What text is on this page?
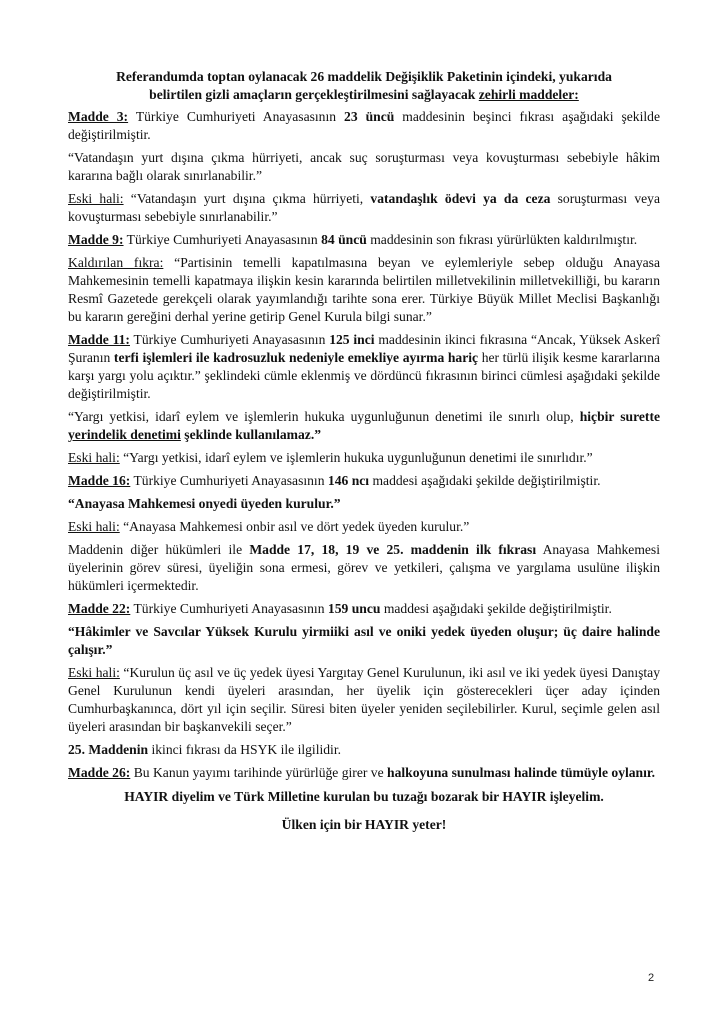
Referandumda toptan oylanacak 26 maddelik Değişiklik Paketinin içindeki, yukarıda
belirtilen gizli amaçların gerçekleştirilmesini sağlayacak zehirli maddeler:

Madde 3: Türkiye Cumhuriyeti Anayasasının 23 üncü maddesinin beşinci fıkrası aşağıdaki şekilde değiştirilmiştir.

“Vatandaşın yurt dışına çıkma hürriyeti, ancak suç soruşturması veya kovuşturması sebebiyle hâkim kararına bağlı olarak sınırlanabilir.”

Eski hali: “Vatandaşın yurt dışına çıkma hürriyeti, vatandaşlık ödevi ya da ceza soruşturması veya kovuşturması sebebiyle sınırlanabilir.”

Madde 9: Türkiye Cumhuriyeti Anayasasının 84 üncü maddesinin son fıkrası yürürlükten kaldırılmıştır.

Kaldırılan fıkra: “Partisinin temelli kapatılmasına beyan ve eylemleriyle sebep olduğu Anayasa Mahkemesinin temelli kapatmaya ilişkin kesin kararında belirtilen milletvekilinin milletvekilliği, bu kararın Resmî Gazetede gerekçeli olarak yayımlandığı tarihte sona erer. Türkiye Büyük Millet Meclisi Başkanlığı bu kararın gereğini derhal yerine getirip Genel Kurula bilgi sunar.”

Madde 11: Türkiye Cumhuriyeti Anayasasının 125 inci maddesinin ikinci fıkrasına “Ancak, Yüksek Askerî Şuranın terfi işlemleri ile kadrosuzluk nedeniyle emekliye ayırma hariç her türlü ilişik kesme kararlarına karşı yargı yolu açıktır.” şeklindeki cümle eklenmiş ve dördüncü fıkrasının birinci cümlesi aşağıdaki şekilde değiştirilmiştir.

“Yargı yetkisi, idarî eylem ve işlemlerin hukuka uygunluğunun denetimi ile sınırlı olup, hiçbir surette yerindelik denetimi şeklinde kullanılamaz.”

Eski hali: “Yargı yetkisi, idarî eylem ve işlemlerin hukuka uygunluğunun denetimi ile sınırlıdır.”

Madde 16: Türkiye Cumhuriyeti Anayasasının 146 ncı maddesi aşağıdaki şekilde değiştirilmiştir.

“Anayasa Mahkemesi onyedi üyeden kurulur.”

Eski hali: “Anayasa Mahkemesi onbir asıl ve dört yedek üyeden kurulur.”

Maddenin diğer hükümleri ile Madde 17, 18, 19 ve 25. maddenin ilk fıkrası Anayasa Mahkemesi üyelerinin görev süresi, üyeliğin sona ermesi, görev ve yetkileri, çalışma ve yargılama usulüne ilişkin hükümleri içermektedir.

Madde 22: Türkiye Cumhuriyeti Anayasasının 159 uncu maddesi aşağıdaki şekilde değiştirilmiştir.

“Hâkimler ve Savcılar Yüksek Kurulu yirmiiki asıl ve oniki yedek üyeden oluşur; üç daire halinde çalışır.”

Eski hali: “Kurulun üç asıl ve üç yedek üyesi Yargıtay Genel Kurulunun, iki asıl ve iki yedek üyesi Danıştay Genel Kurulunun kendi üyeleri arasından, her üyelik için gösterecekleri üçer aday içinden Cumhurbaşkanınca, dört yıl için seçilir. Süresi biten üyeler yeniden seçilebilirler. Kurul, seçimle gelen asıl üyeleri arasından bir başkanvekili seçer.”

25. Maddenin ikinci fıkrası da HSYK ile ilgilidir.

Madde 26: Bu Kanun yayımı tarihinde yürürlüğe girer ve halkoyuna sunulması halinde tümüyle oylanır.

HAYIR diyelim ve Türk Milletine kurulan bu tuzağı bozarak bir HAYIR işleyelim.

Ülken için bir HAYIR yeter!

2
